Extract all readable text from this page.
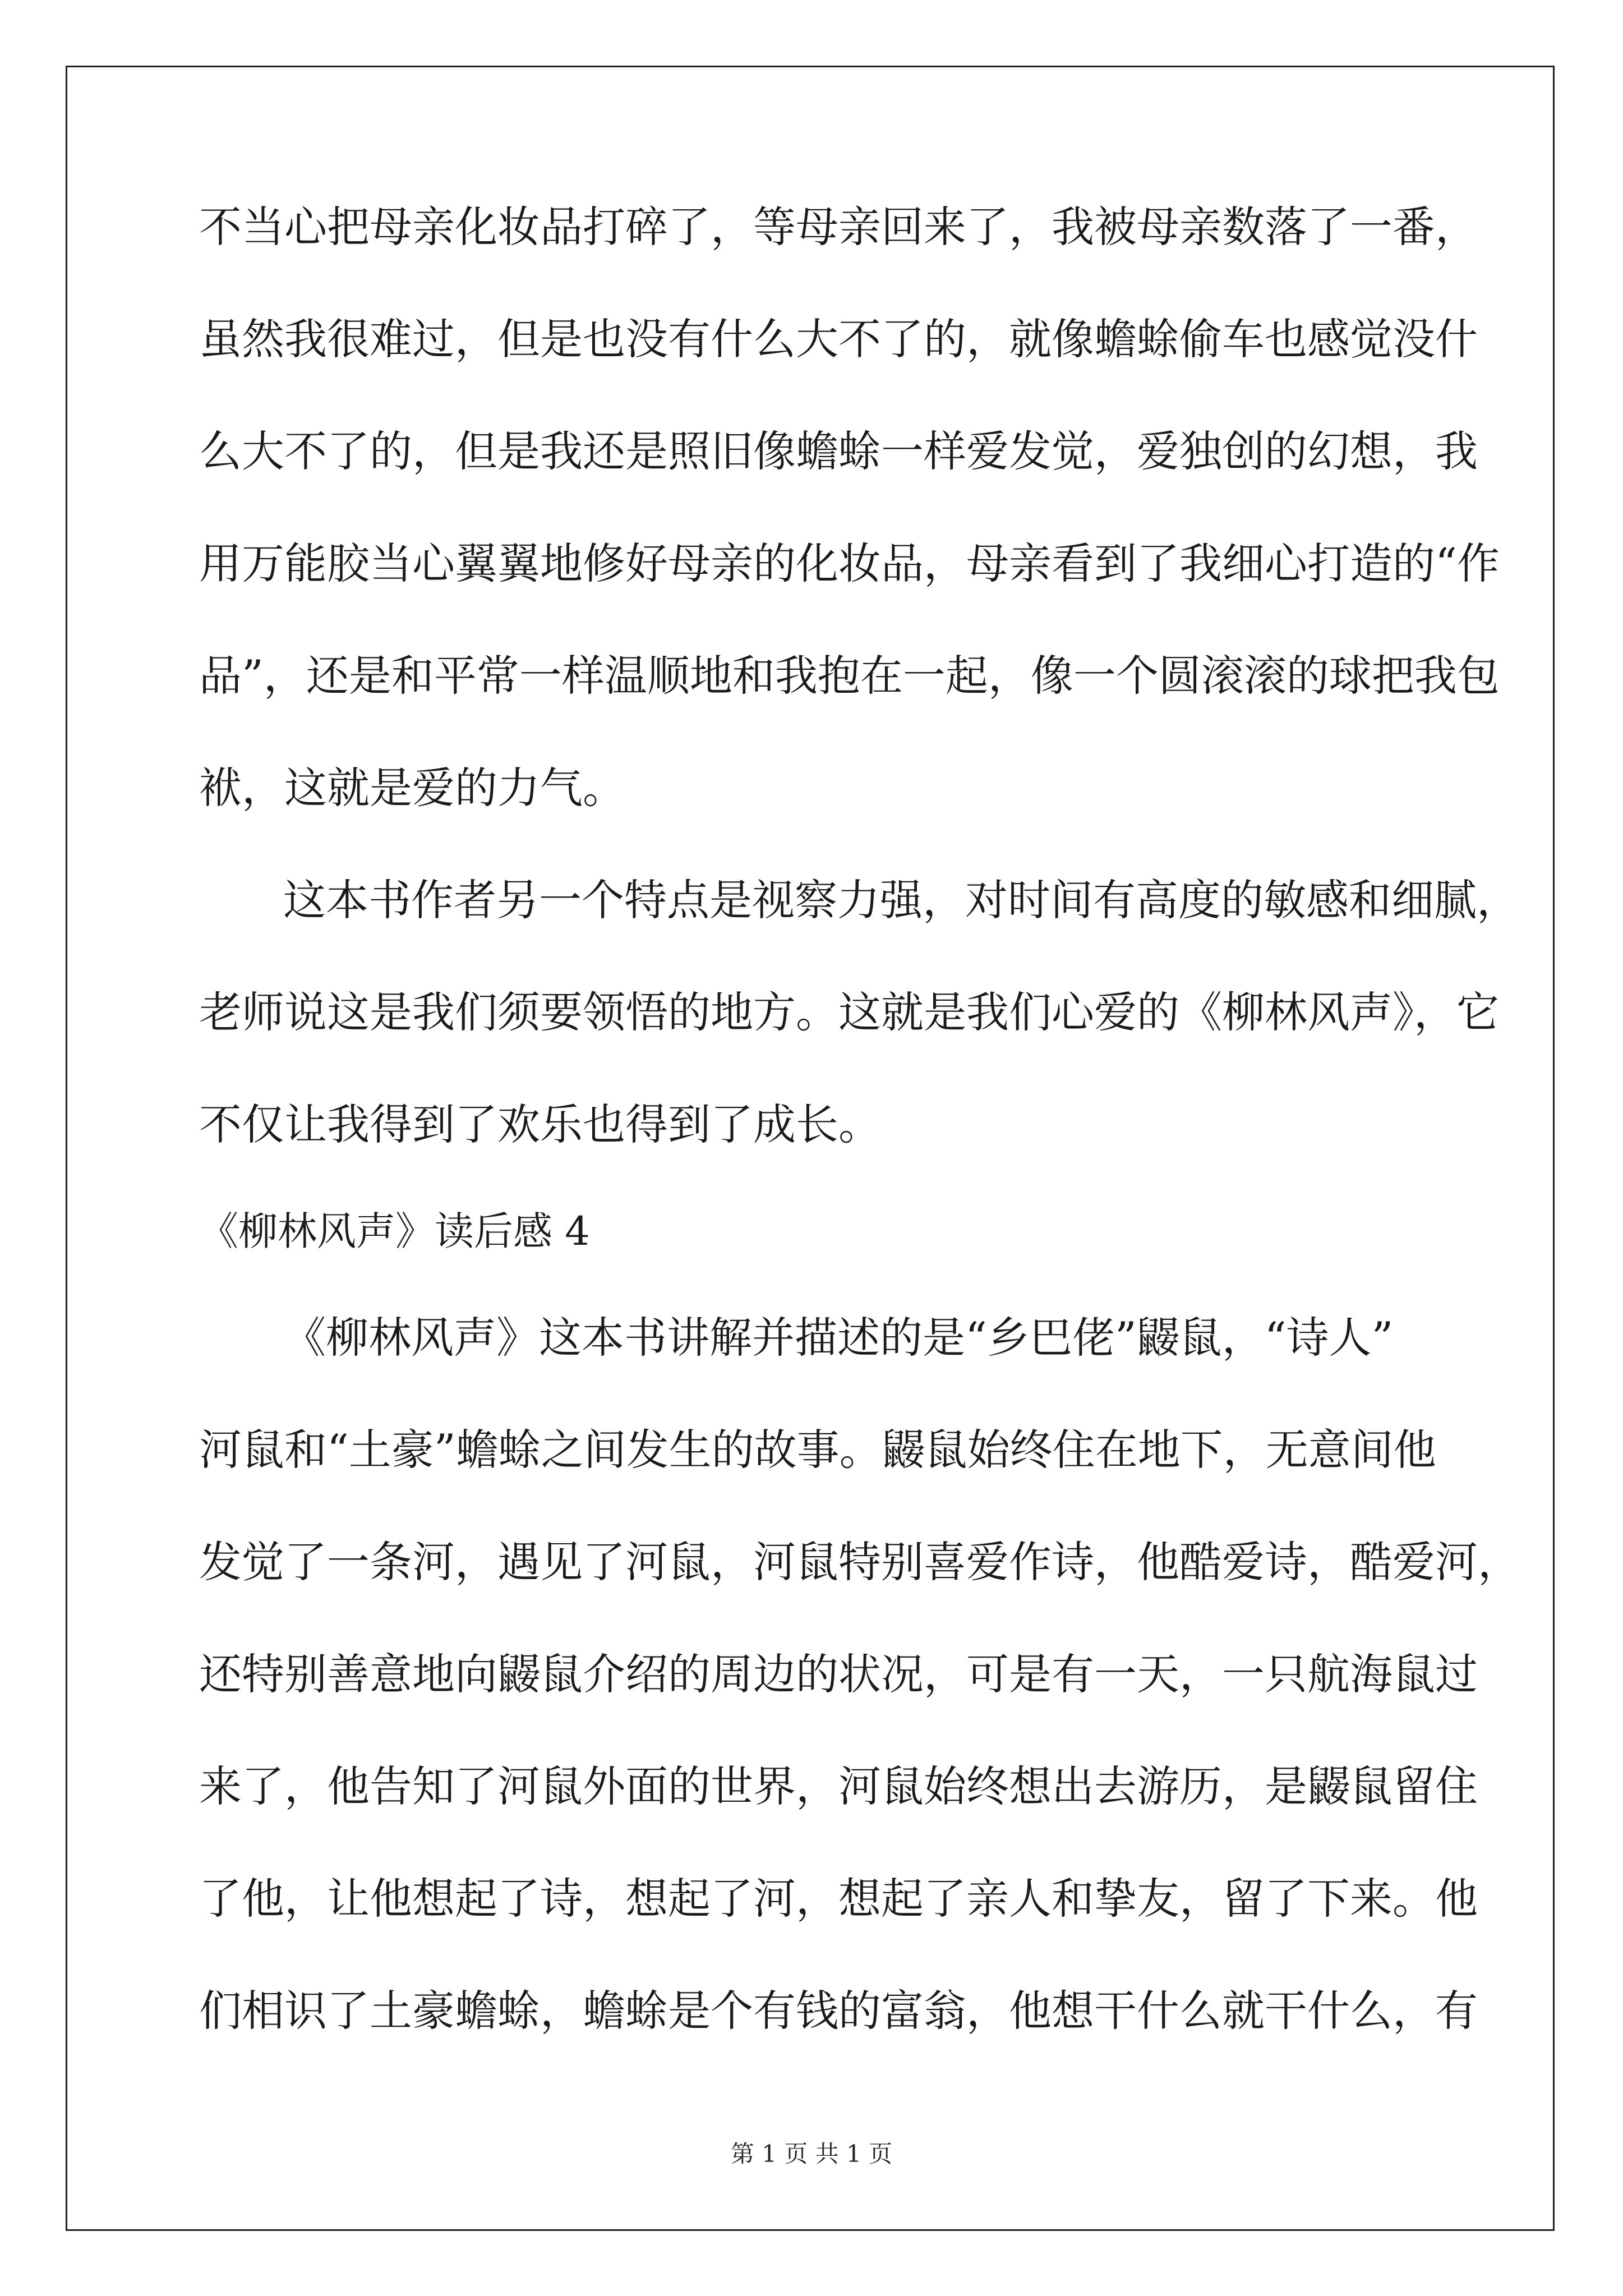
不当心把母亲化妆品打碎了，等母亲回来了，我被母亲数落了一番，
虽然我很难过，但是也没有什么大不了的，就像蟾蜍偷车也感觉没什
么大不了的，但是我还是照旧像蟾蜍一样爱发觉，爱独创的幻想，我
用万能胶当心翼翼地修好母亲的化妆品，母亲看到了我细心打造的“作
品”，还是和平常一样温顺地和我抱在一起，像一个圆滚滚的球把我包
袱，这就是爱的力气。
这本书作者另一个特点是视察力强，对时间有高度的敏感和细腻，
老师说这是我们须要领悟的地方。这就是我们心爱的《柳林风声》，它
不仅让我得到了欢乐也得到了成长。
《柳林风声》读后感 4
《柳林风声》这本书讲解并描述的是“乡巴佬”鼹鼠，“诗人”
河鼠和“土豪”蟾蜍之间发生的故事。鼹鼠始终住在地下，无意间他
发觉了一条河，遇见了河鼠，河鼠特别喜爱作诗，他酷爱诗，酷爱河，
还特别善意地向鼹鼠介绍的周边的状况，可是有一天，一只航海鼠过
来了，他告知了河鼠外面的世界，河鼠始终想出去游历，是鼹鼠留住
了他，让他想起了诗，想起了河，想起了亲人和挚友，留了下来。他
们相识了土豪蟾蜍，蟾蜍是个有钱的富翁，他想干什么就干什么，有
第 1 页 共 1 页
